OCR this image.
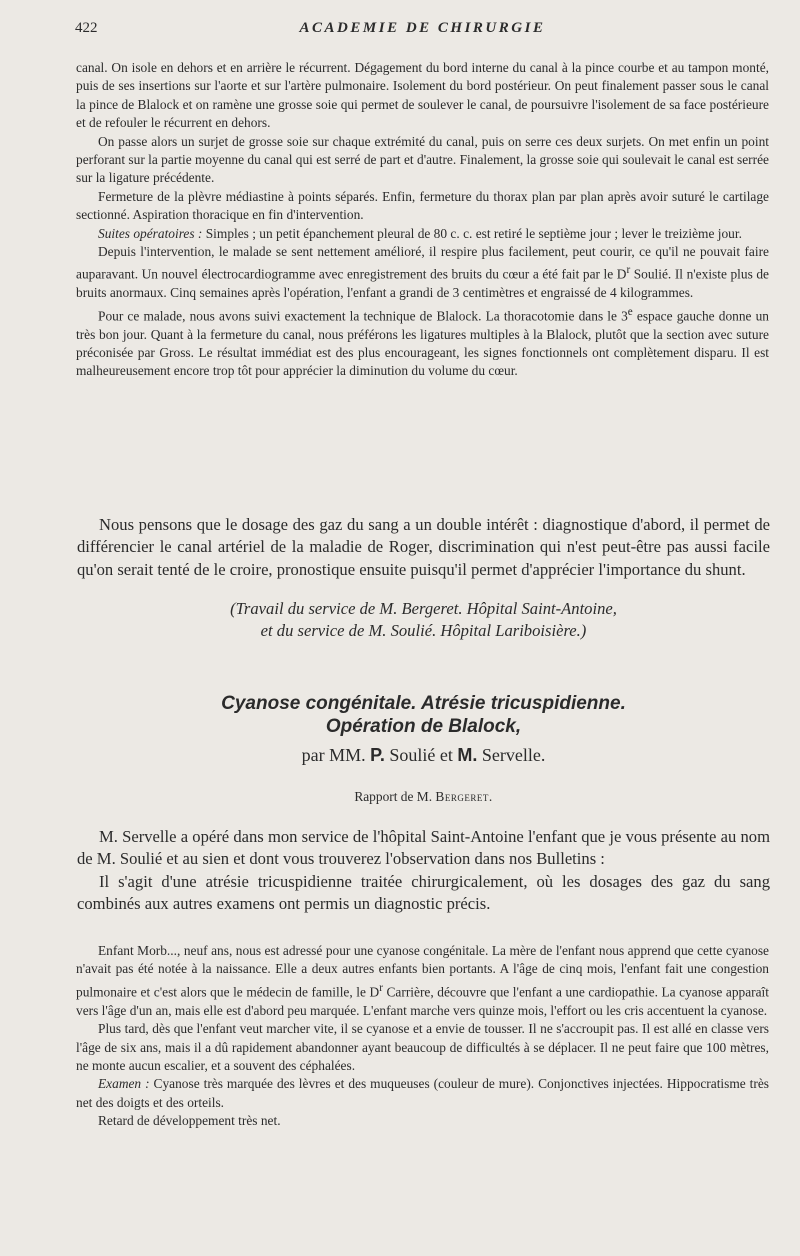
422	ACADEMIE DE CHIRURGIE

canal. On isole en dehors et en arrière le récurrent. Dégagement du bord interne du canal à la pince courbe et au tampon monté, puis de ses insertions sur l'aorte et sur l'artère pulmonaire. Isolement du bord postérieur. On peut finalement passer sous le canal la pince de Blalock et on ramène une grosse soie qui permet de soulever le canal, de poursuivre l'isolement de sa face postérieure et de refouler le récurrent en dehors.

On passe alors un surjet de grosse soie sur chaque extrémité du canal, puis on serre ces deux surjets. On met enfin un point perforant sur la partie moyenne du canal qui est serré de part et d'autre. Finalement, la grosse soie qui soulevait le canal est serrée sur la ligature précédente.

Fermeture de la plèvre médiastine à points séparés. Enfin, fermeture du thorax plan par plan après avoir suturé le cartilage sectionné. Aspiration thoracique en fin d'intervention.

Suites opératoires : Simples ; un petit épanchement pleural de 80 c. c. est retiré le septième jour ; lever le treizième jour.

Depuis l'intervention, le malade se sent nettement amélioré, il respire plus facilement, peut courir, ce qu'il ne pouvait faire auparavant. Un nouvel électrocardiogramme avec enregistrement des bruits du cœur a été fait par le $D^r$ Soulié. Il n'existe plus de bruits anormaux. Cinq semaines après l'opération, l'enfant a grandi de 3 centimètres et engraissé de 4 kilogrammes.

Pour ce malade, nous avons suivi exactement la technique de Blalock. La thoracotomie dans le 3e espace gauche donne un très bon jour. Quant à la fermeture du canal, nous préférons les ligatures multiples à la Blalock, plutôt que la section avec suture préconisée par Gross. Le résultat immédiat est des plus encourageant, les signes fonctionnels ont complètement disparu. Il est malheureusement encore trop tôt pour apprécier la diminution du volume du cœur.

Nous pensons que le dosage des gaz du sang a un double intérêt : diagnostique d'abord, il permet de différencier le canal artériel de la maladie de Roger, discrimination qui n'est peut-être pas aussi facile qu'on serait tenté de le croire, pronostique ensuite puisqu'il permet d'apprécier l'importance du shunt.

(Travail du service de M. Bergeret. Hôpital Saint-Antoine,
et du service de M. Soulié. Hôpital Lariboisière.)
Cyanose congénitale. Atrésie tricuspidienne.
Opération de Blalock,
par MM. P. Soulié et M. Servelle.
Rapport de M. Bergeret.

M. Servelle a opéré dans mon service de l'hôpital Saint-Antoine l'enfant que je vous présente au nom de M. Soulié et au sien et dont vous trouverez l'observation dans nos Bulletins :

Il s'agit d'une atrésie tricuspidienne traitée chirurgicalement, où les dosages des gaz du sang combinés aux autres examens ont permis un diagnostic précis.

Enfant Morb..., neuf ans, nous est adressé pour une cyanose congénitale. La mère de l'enfant nous apprend que cette cyanose n'avait pas été notée à la naissance. Elle a deux autres enfants bien portants. A l'âge de cinq mois, l'enfant fait une congestion pulmonaire et c'est alors que le médecin de famille, le $D^r$ Carrière, découvre que l'enfant a une cardiopathie. La cyanose apparaît vers l'âge d'un an, mais elle est d'abord peu marquée. L'enfant marche vers quinze mois, l'effort ou les cris accentuent la cyanose.

Plus tard, dès que l'enfant veut marcher vite, il se cyanose et a envie de tousser. Il ne s'accroupit pas. Il est allé en classe vers l'âge de six ans, mais il a dû rapidement abandonner ayant beaucoup de difficultés à se déplacer. Il ne peut faire que 100 mètres, ne monte aucun escalier, et a souvent des céphalées.

Examen : Cyanose très marquée des lèvres et des muqueuses (couleur de mure). Conjonctives injectées. Hippocratisme très net des doigts et des orteils.

Retard de développement très net.
